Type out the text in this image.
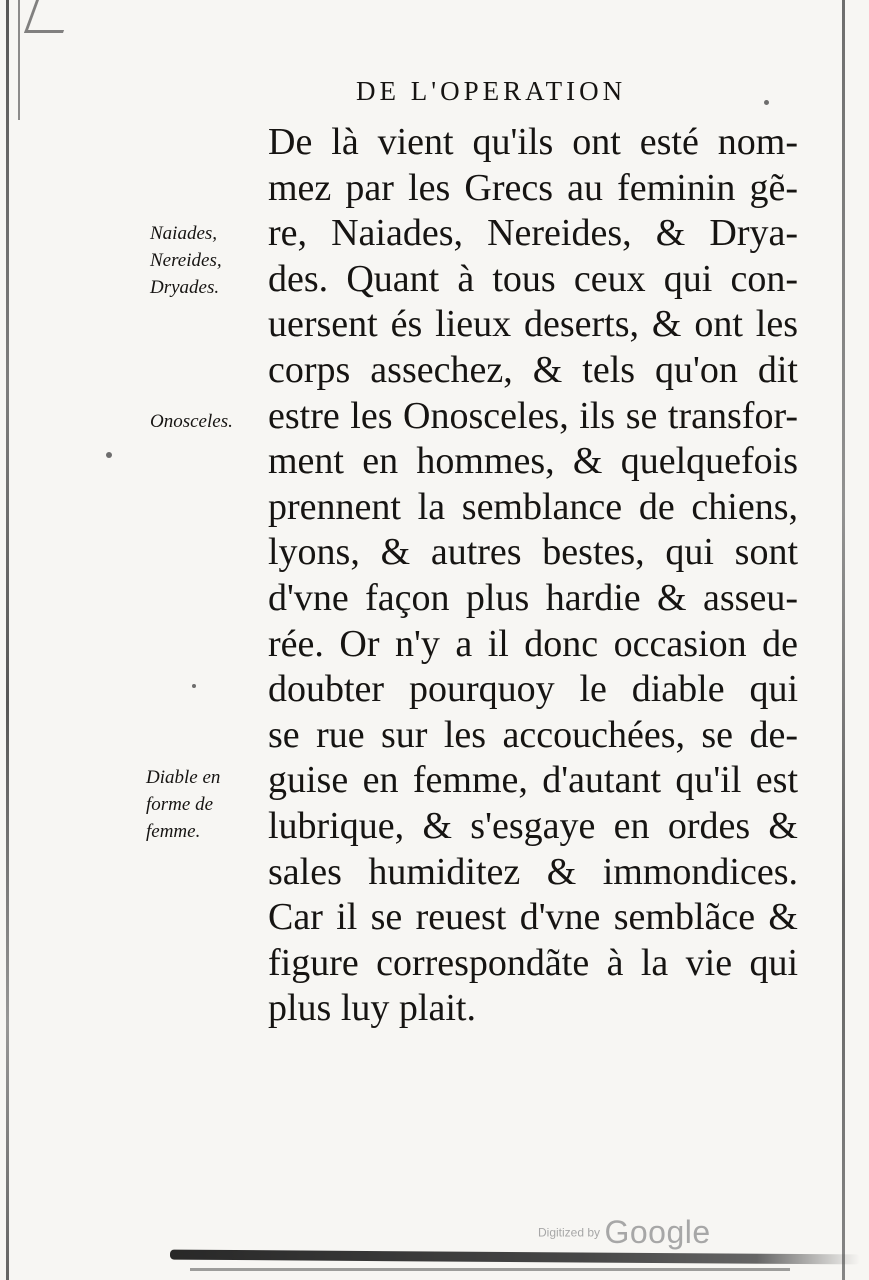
DE L'OPERATION
De là vient qu'ils ont esté nom-
mez par les Grecs au feminin gẽ-
re, Naiades, Nereides, & Drya-
des. Quant à tous ceux qui con-
uersent és lieux deserts, & ont les
corps assechez, & tels qu'on dit
estre les Onosceles, ils se transfor-
ment en hommes, & quelquefois
prennent la semblance de chiens,
lyons, & autres bestes, qui sont
d'vne façon plus hardie & asseu-
rée. Or n'y a il donc occasion de
doubter pourquoy le diable qui
se rue sur les accouchées, se de-
guise en femme, d'autant qu'il est
lubrique, & s'esgaye en ordes &
sales humiditez & immondices.
Car il se reuest d'vne semblãce &
figure correspondãte à la vie qui
plus luy plait.
Naiades,
Nereides,
Dryades.
Onosceles.
Diable en
forme de
femme.
Digitized by Google
